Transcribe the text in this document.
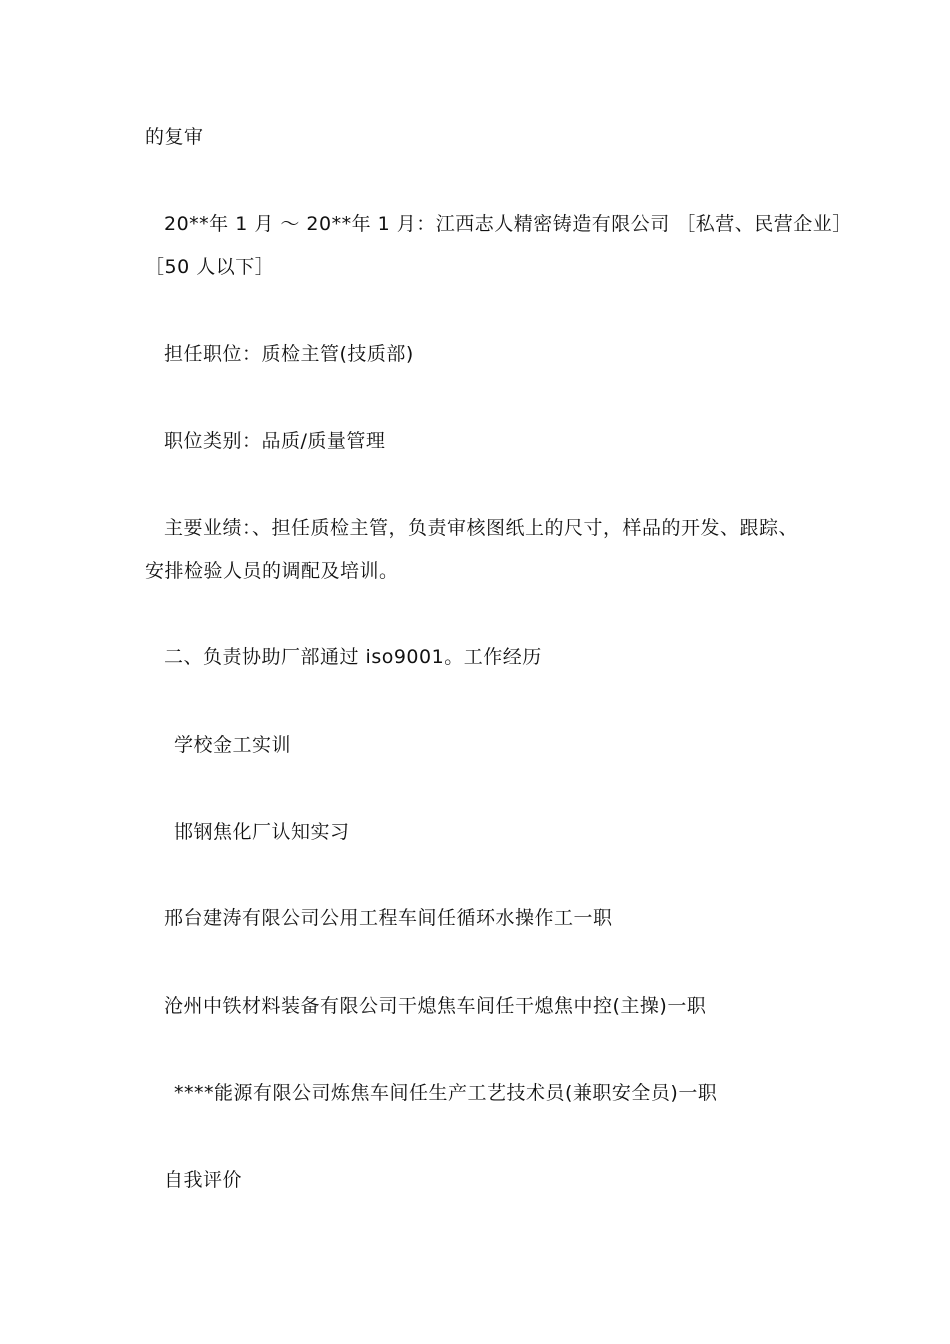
的复审
20**年 1 月 ～ 20**年 1 月：江西志人精密铸造有限公司 ［私营、民营企业］
［50 人以下］
担任职位：质检主管(技质部)
职位类别：品质/质量管理
主要业绩：、担任质检主管，负责审核图纸上的尺寸，样品的开发、跟踪、
安排检验人员的调配及培训。
二、负责协助厂部通过 iso9001。工作经历
学校金工实训
邯钢焦化厂认知实习
邢台建涛有限公司公用工程车间任循环水操作工一职
沧州中铁材料装备有限公司干熄焦车间任干熄焦中控(主操)一职
****能源有限公司炼焦车间任生产工艺技术员(兼职安全员)一职
自我评价
